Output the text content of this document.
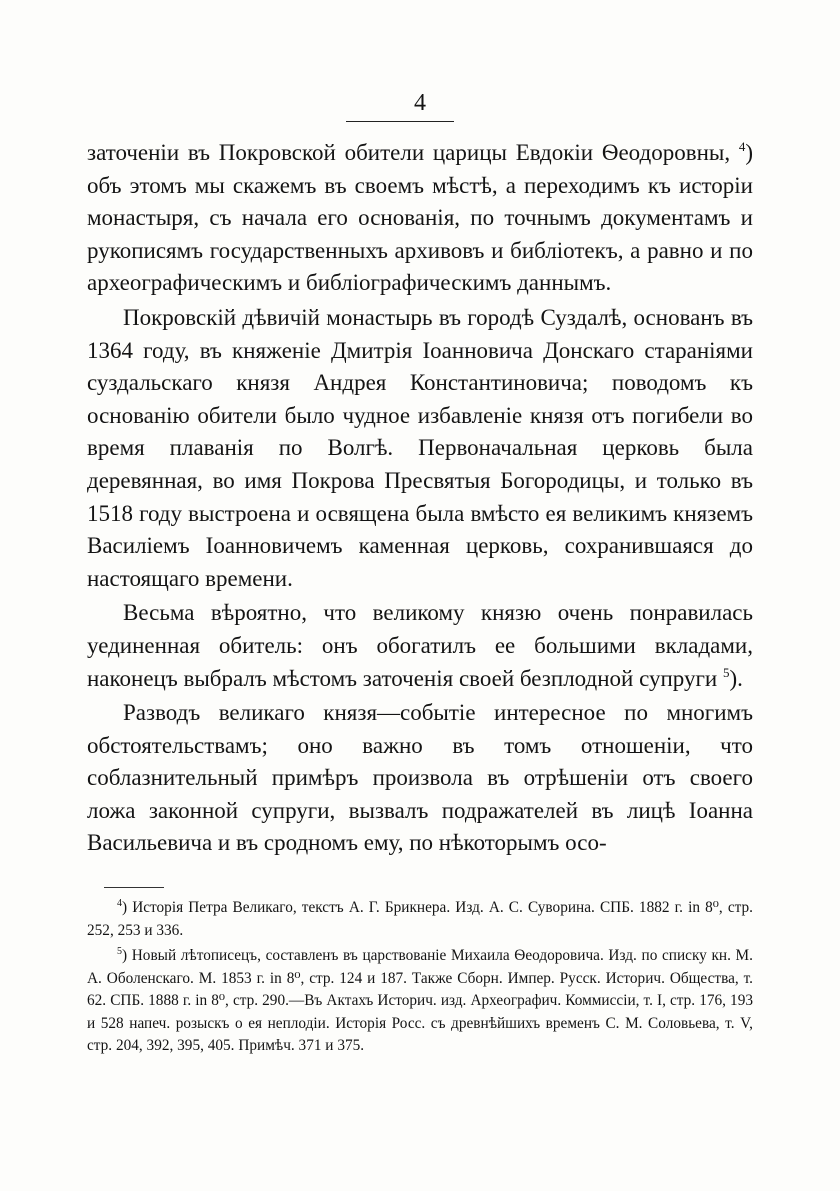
4

заточеніи въ Покровской обители царицы Евдокіи Ѳеодоровны, $^4$) объ этомъ мы скажемъ въ своемъ мѣстѣ, а переходимъ къ исторіи монастыря, съ начала его основанія, по точнымъ документамъ и рукописямъ государственныхъ архивовъ и библіотекъ, а равно и по археографическимъ и библіографическимъ даннымъ.

Покровскій дѣвичій монастырь въ городѣ Суздалѣ, основанъ въ 1364 году, въ княженіе Дмитрія Іоанновича Донскаго стараніями суздальскаго князя Андрея Константиновича; поводомъ къ основанію обители было чудное избавленіе князя отъ погибели во время плаванія по Волгѣ. Первоначальная церковь была деревянная, во имя Покрова Пресвятыя Богородицы, и только въ 1518 году выстроена и освящена была вмѣсто ея великимъ княземъ Василіемъ Іоанновичемъ каменная церковь, сохранившаяся до настоящаго времени.

Весьма вѣроятно, что великому князю очень понравилась уединенная обитель: онъ обогатилъ ее большими вкладами, наконецъ выбралъ мѣстомъ заточенія своей безплодной супруги $^5$).

Разводъ великаго князя—событіе интересное по многимъ обстоятельствамъ; оно важно въ томъ отношеніи, что соблазнительный примѣръ произвола въ отрѣшеніи отъ своего ложа законной супруги, вызвалъ подражателей въ лицѣ Іоанна Васильевича и въ сродномъ ему, по нѣкоторымъ осо-

$^4$) Исторія Петра Великаго, текстъ А. Г. Брикнера. Изд. А. С. Суворина. СПБ. 1882 г. in 8⁰, стр. 252, 253 и 336.

$^5$) Новый лѣтописецъ, составленъ въ царствованіе Михаила Ѳеодоровича. Изд. по списку кн. М. А. Оболенскаго. М. 1853 г. in 8⁰, стр. 124 и 187. Также Сборн. Импер. Русск. Историч. Общества, т. 62. СПБ. 1888 г. in 8⁰, стр. 290.—Въ Актахъ Историч. изд. Археографич. Коммиссіи, т. I, стр. 176, 193 и 528 напеч. розыскъ о ея неплодіи. Исторія Росс. съ древнѣйшихъ временъ С. М. Соловьева, т. V, стр. 204, 392, 395, 405. Примѣч. 371 и 375.
